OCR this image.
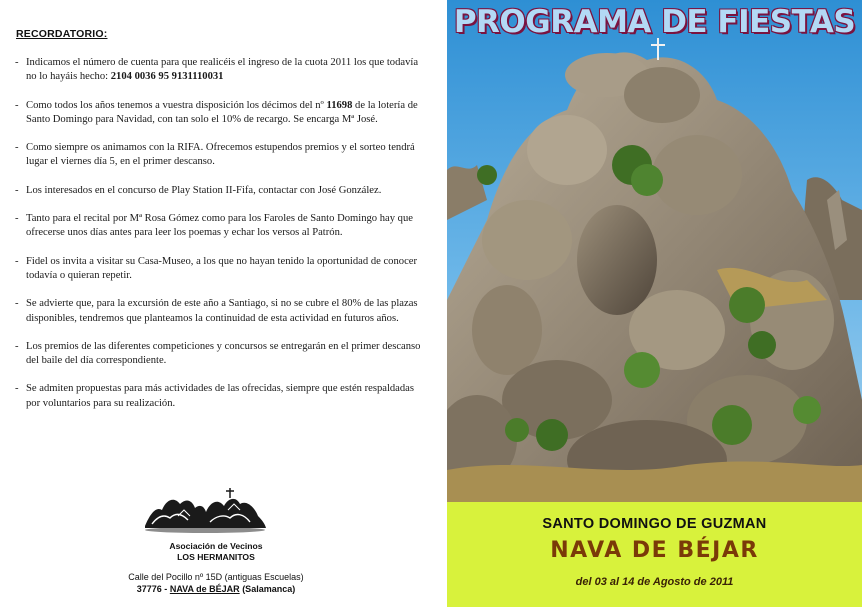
RECORDATORIO:
- Indicamos el número de cuenta para que realicéis el ingreso de la cuota 2011 los que todavía no lo hayáis hecho: 2104 0036 95 9131110031
- Como todos los años tenemos a vuestra disposición los décimos del nº 11698 de la lotería de Santo Domingo para Navidad, con tan solo el 10% de recargo. Se encarga Mª José.
- Como siempre os animamos con la RIFA. Ofrecemos estupendos premios y el sorteo tendrá lugar el viernes día 5, en el primer descanso.
- Los interesados en el concurso de Play Station II-Fifa, contactar con José González.
- Tanto para el recital por Mª Rosa Gómez como para los Faroles de Santo Domingo hay que ofrecerse unos días antes para leer los poemas y echar los versos al Patrón.
- Fidel os invita a visitar su Casa-Museo, a los que no hayan tenido la oportunidad de conocer todavía o quieran repetir.
- Se advierte que, para la excursión de este año a Santiago, si no se cubre el 80% de las plazas disponibles, tendremos que planteamos la continuidad de esta actividad en futuros años.
- Los premios de las diferentes competiciones y concursos se entregarán en el primer descanso del baile del día correspondiente.
- Se admiten propuestas para más actividades de las ofrecidas, siempre que estén respaldadas por voluntarios para su realización.
Asociación de Vecinos
LOS HERMANITOS
Calle del Pocillo nº 15D (antiguas Escuelas)
37776 - NAVA de BÉJAR (Salamanca)
PROGRAMA DE FIESTAS
SANTO DOMINGO DE GUZMAN
NAVA DE BÉJAR
del 03 al 14 de Agosto de 2011
